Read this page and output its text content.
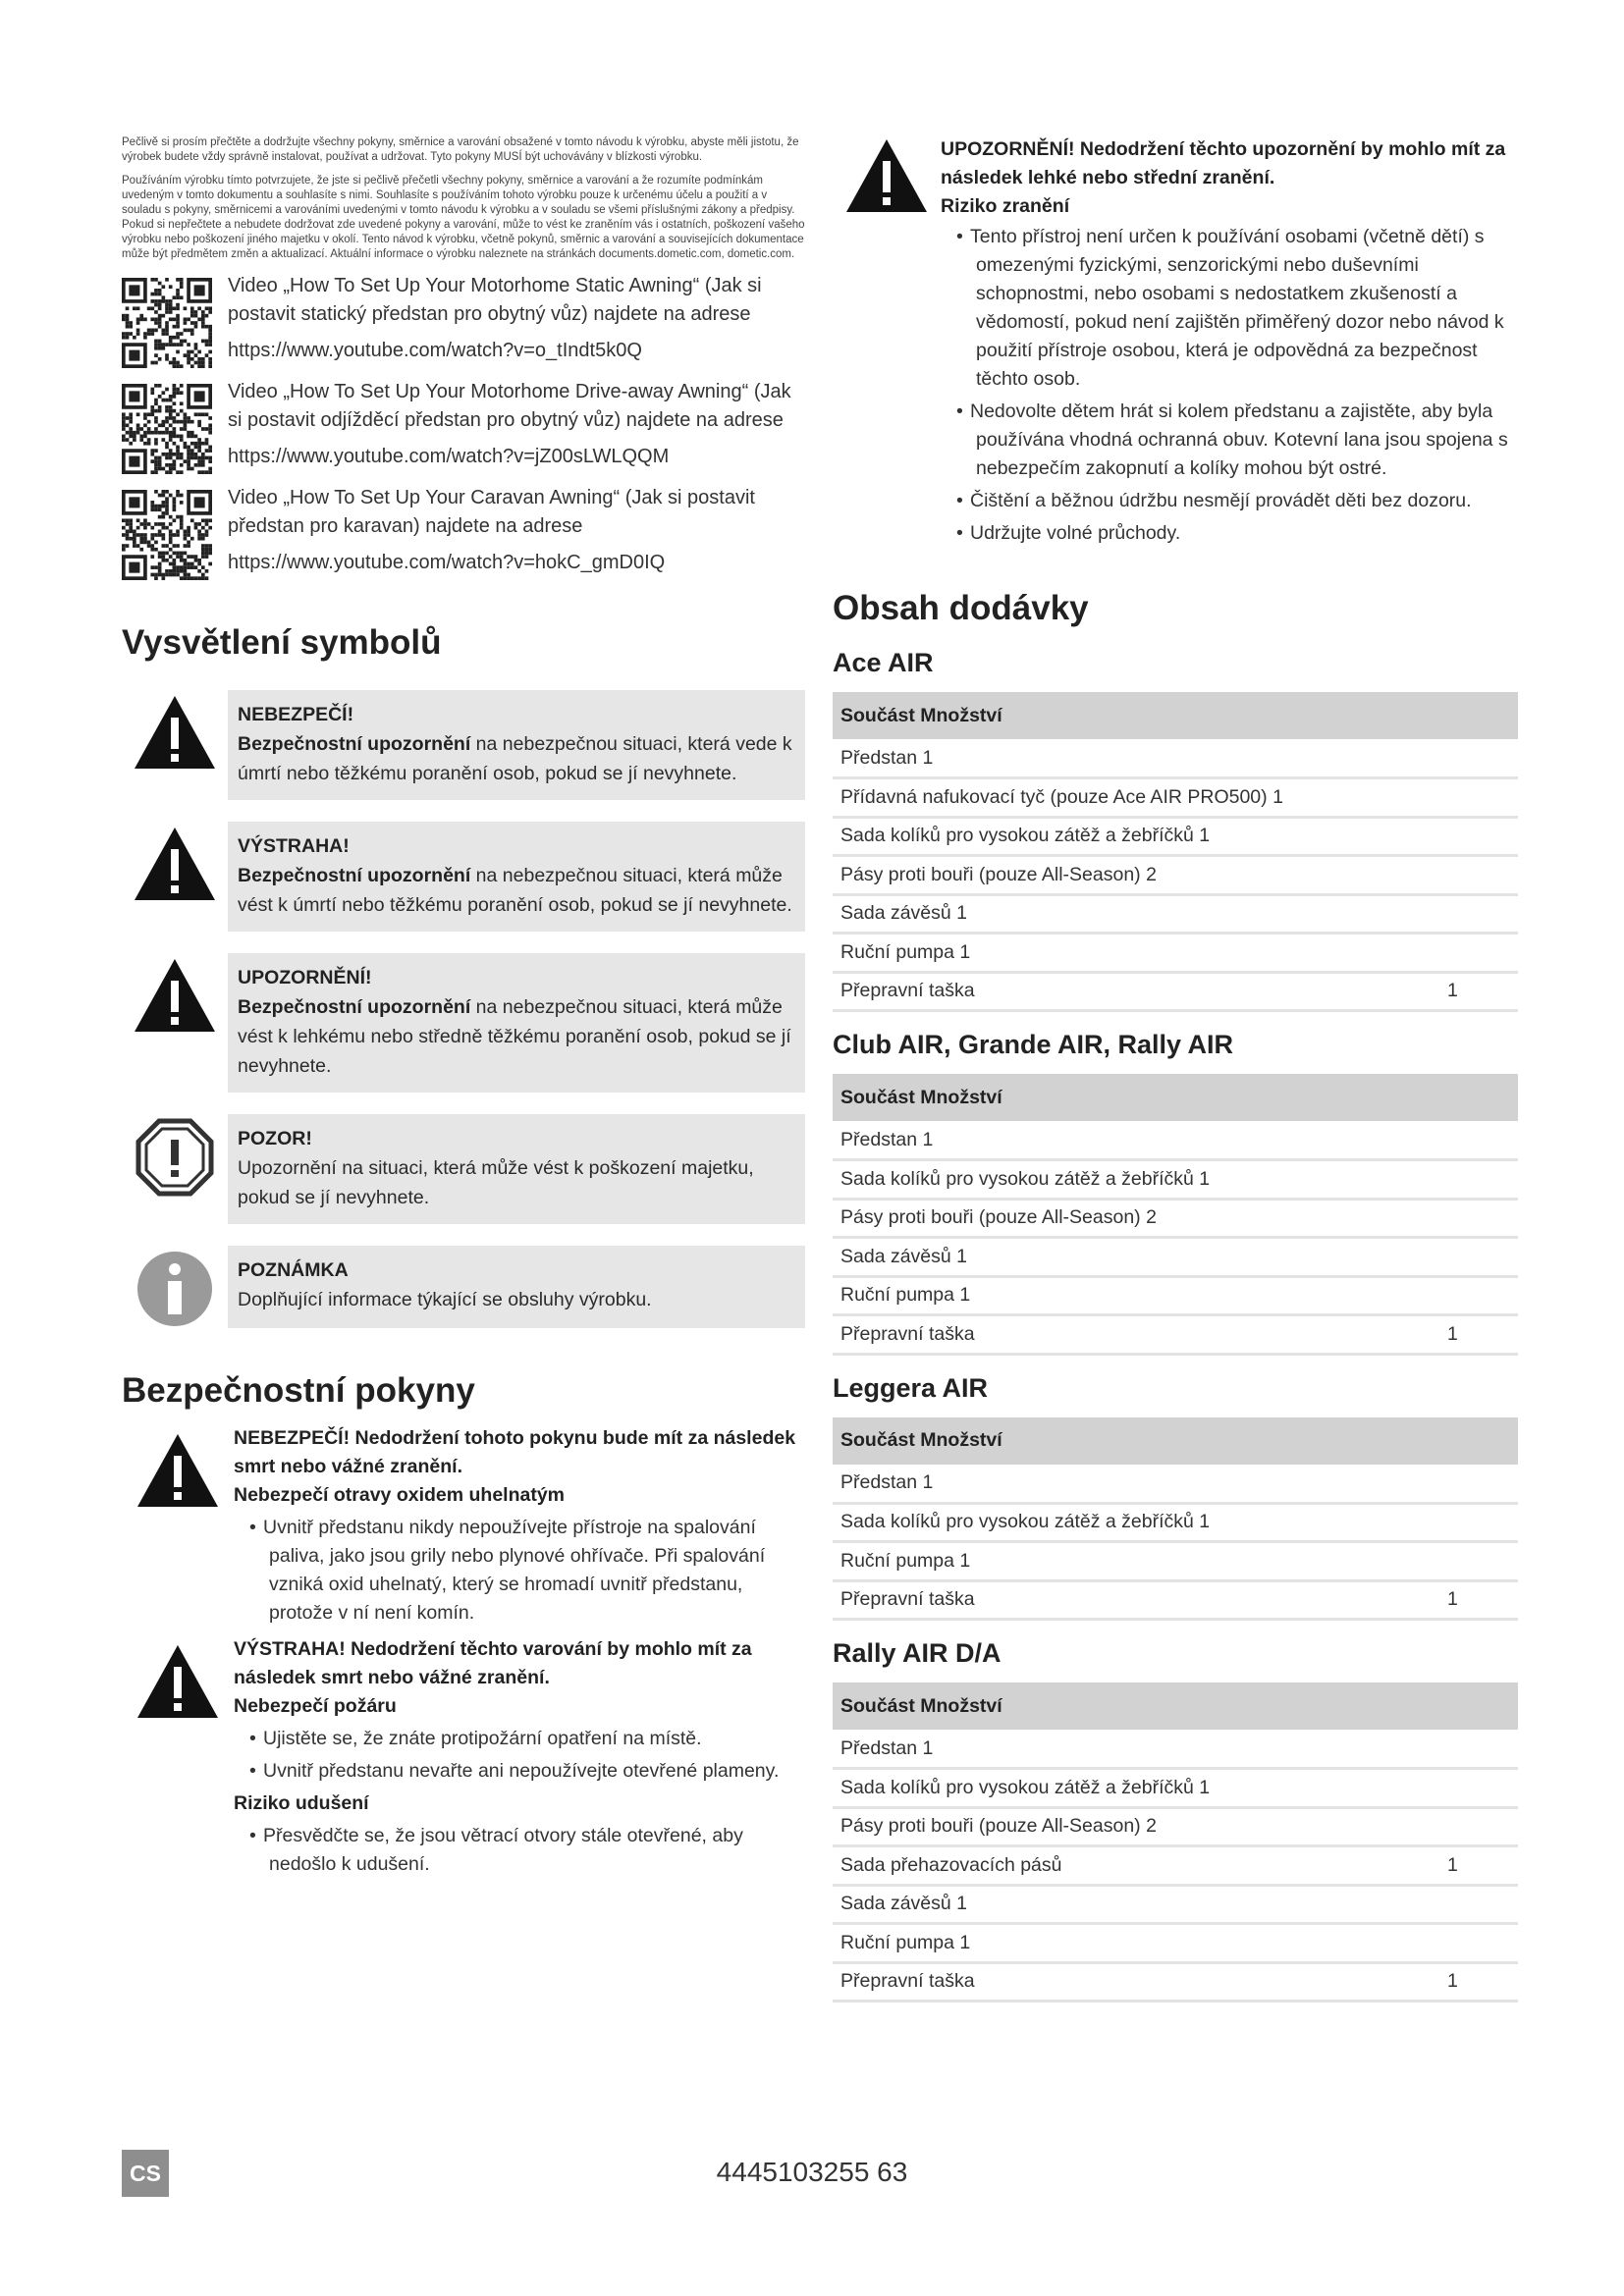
Pečlivě si prosím přečtěte a dodržujte všechny pokyny, směrnice a varování obsažené v tomto návodu k výrobku, abyste měli jistotu, že výrobek budete vždy správně instalovat, používat a udržovat. Tyto pokyny MUSÍ být uchovávány v blízkosti výrobku.

Používáním výrobku tímto potvrzujete, že jste si pečlivě přečetli všechny pokyny, směrnice a varování a že rozumíte podmínkám uvedeným v tomto dokumentu a souhlasíte s nimi. Souhlasíte s používáním tohoto výrobku pouze k určenému účelu a použití a v souladu s pokyny, směrnicemi a varováními uvedenými v tomto návodu k výrobku a v souladu se všemi příslušnými zákony a předpisy. Pokud si nepřečtete a nebudete dodržovat zde uvedené pokyny a varování, může to vést ke zraněním vás i ostatních, poškození vašeho výrobku nebo poškození jiného majetku v okolí. Tento návod k výrobku, včetně pokynů, směrnic a varování a souvisejících dokumentace může být předmětem změn a aktualizací. Aktuální informace o výrobku naleznete na stránkách documents.dometic.com, dometic.com.

Video „How To Set Up Your Motorhome Static Awning“ (Jak si postavit statický předstan pro obytný vůz) najdete na adrese
https://www.youtube.com/watch?v=o_tIndt5k0Q
Video „How To Set Up Your Motorhome Drive-away Awning“ (Jak si postavit odjížděcí předstan pro obytný vůz) najdete na adrese
https://www.youtube.com/watch?v=jZ00sLWLQQM
Video „How To Set Up Your Caravan Awning“ (Jak si postavit předstan pro karavan) najdete na adrese
https://www.youtube.com/watch?v=hokC_gmD0IQ
Vysvětlení symbolů
NEBEZPEČÍ!
Bezpečnostní upozornění na nebezpečnou situaci, která vede k úmrtí nebo těžkému poranění osob, pokud se jí nevyhnete.
VÝSTRAHA!
Bezpečnostní upozornění na nebezpečnou situaci, která může vést k úmrtí nebo těžkému poranění osob, pokud se jí nevyhnete.
UPOZORNĚNÍ!
Bezpečnostní upozornění na nebezpečnou situaci, která může vést k lehkému nebo středně těžkému poranění osob, pokud se jí nevyhnete.
POZOR!
Upozornění na situaci, která může vést k poškození majetku, pokud se jí nevyhnete.
POZNÁMKA
Doplňující informace týkající se obsluhy výrobku.
Bezpečnostní pokyny
NEBEZPEČÍ! Nedodržení tohoto pokynu bude mít za následek smrt nebo vážné zranění.
Nebezpečí otravy oxidem uhelnatým
• Uvnitř předstanu nikdy nepoužívejte přístroje na spalování paliva, jako jsou grily nebo plynové ohřívače. Při spalování vzniká oxid uhelnatý, který se hromadí uvnitř předstanu, protože v ní není komín.
VÝSTRAHA! Nedodržení těchto varování by mohlo mít za následek smrt nebo vážné zranění.
Nebezpečí požáru
• Ujistěte se, že znáte protipožární opatření na místě.
• Uvnitř předstanu nevařte ani nepoužívejte otevřené plameny.
Riziko udušení
• Přesvědčte se, že jsou větrací otvory stále otevřené, aby nedošlo k udušení.
UPOZORNĚNÍ! Nedodržení těchto upozornění by mohlo mít za následek lehké nebo střední zranění.
Riziko zranění
• Tento přístroj není určen k používání osobami (včetně dětí) s omezenými fyzickými, senzorickými nebo duševními schopnostmi, nebo osobami s nedostatkem zkušeností a vědomostí, pokud není zajištěn přiměřený dozor nebo návod k použití přístroje osobou, která je odpovědná za bezpečnost těchto osob.
• Nedovolte dětem hrát si kolem předstanu a zajistěte, aby byla používána vhodná ochranná obuv. Kotevní lana jsou spojena s nebezpečím zakopnutí a kolíky mohou být ostré.
• Čištění a běžnou údržbu nesmějí provádět děti bez dozoru.
• Udržujte volné průchody.
Obsah dodávky
Ace AIR
Součást Množství	
Předstan 1	
Přídavná nafukovací tyč (pouze Ace AIR PRO500) 1	
Sada kolíků pro vysokou zátěž a žebříčků 1	
Pásy proti bouři (pouze All-Season) 2	
Sada závěsů 1	
Ruční pumpa 1	
Přepravní taška	1
Club AIR, Grande AIR, Rally AIR
Součást Množství	
Předstan 1	
Sada kolíků pro vysokou zátěž a žebříčků 1	
Pásy proti bouři (pouze All-Season) 2	
Sada závěsů 1	
Ruční pumpa 1	
Přepravní taška	1
Leggera AIR
Součást Množství	
Předstan 1	
Sada kolíků pro vysokou zátěž a žebříčků 1	
Ruční pumpa 1	
Přepravní taška	1
Rally AIR D/A
Součást Množství	
Předstan 1	
Sada kolíků pro vysokou zátěž a žebříčků 1	
Pásy proti bouři (pouze All-Season) 2	
Sada přehazovacích pásů	1
Sada závěsů 1	
Ruční pumpa 1	
Přepravní taška	1
CS	4445103255 63
